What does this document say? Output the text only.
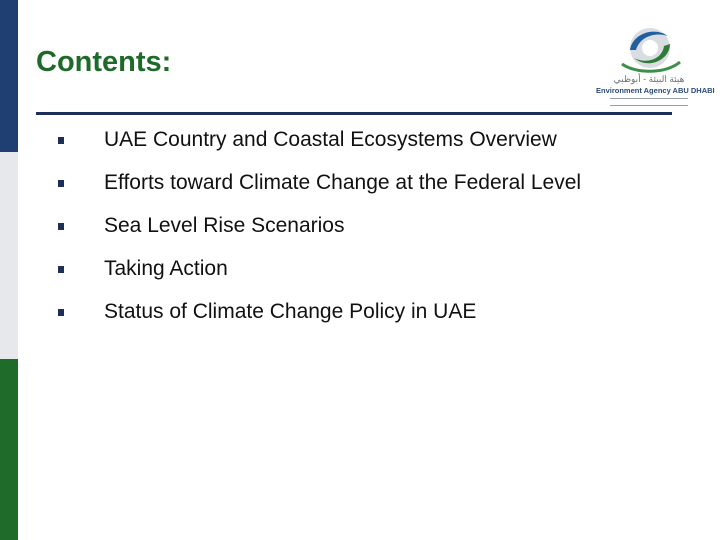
Contents:
هيئة البيئة - أبوظبي
Environment Agency ABU DHABI
UAE Country and Coastal Ecosystems Overview
Efforts toward Climate Change at the Federal Level
Sea Level Rise Scenarios
Taking Action
Status of Climate Change Policy in UAE
